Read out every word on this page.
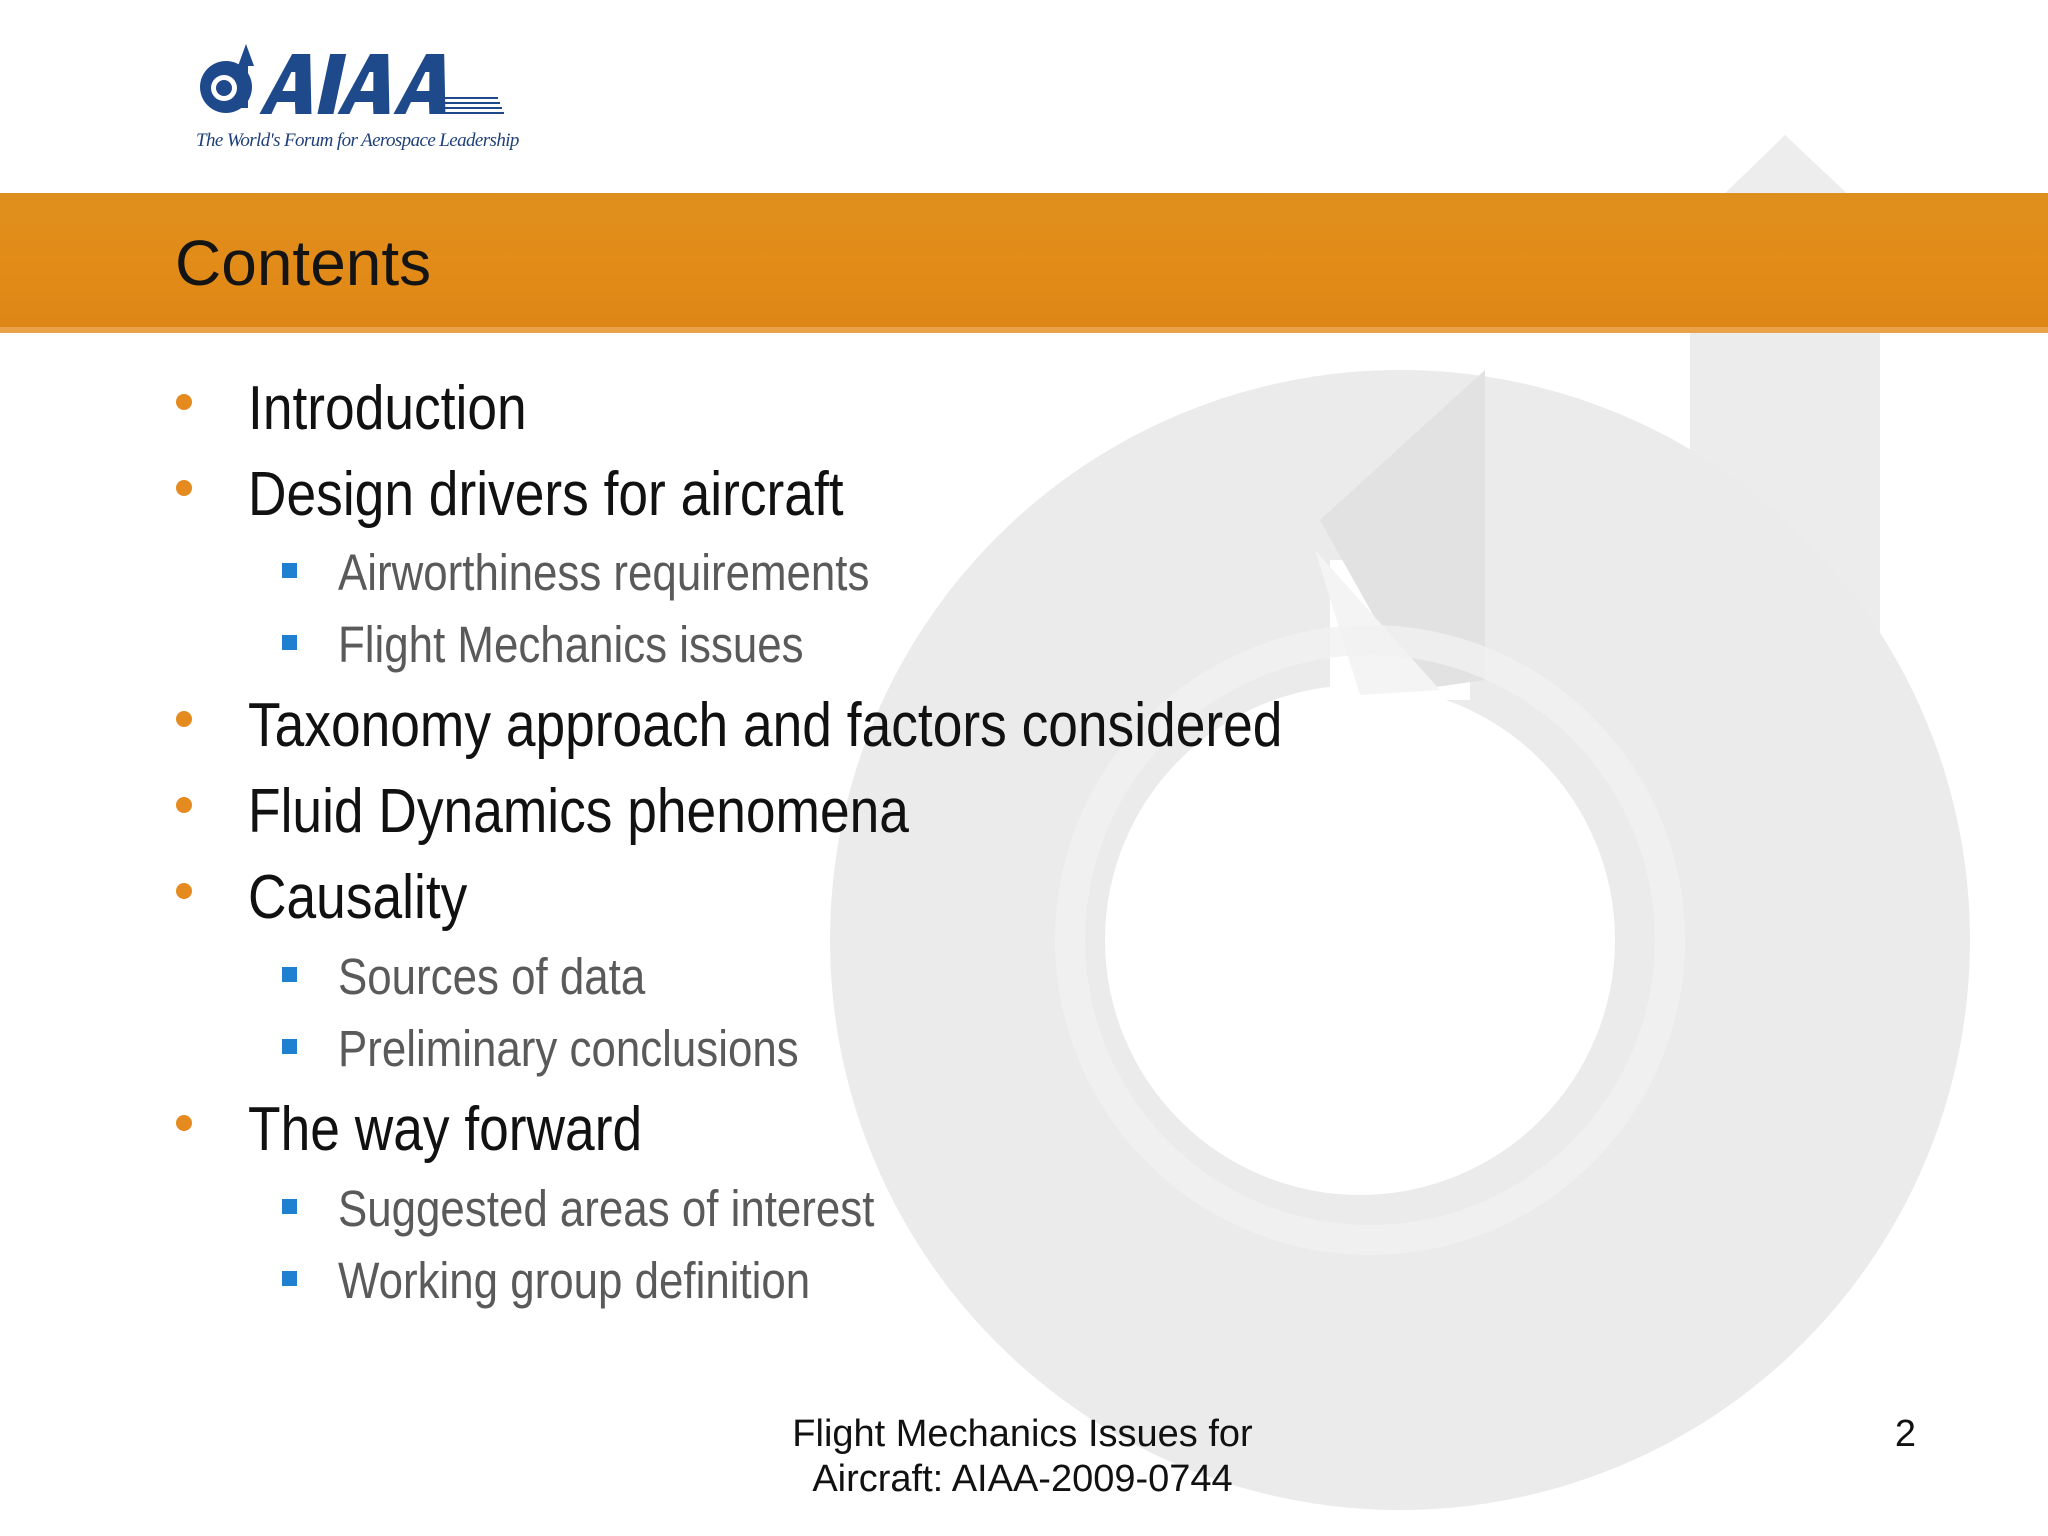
The World's Forum for Aerospace Leadership
Contents
Introduction
Design drivers for aircraft
Airworthiness requirements
Flight Mechanics issues
Taxonomy approach and factors considered
Fluid Dynamics phenomena
Causality
Sources of data
Preliminary conclusions
The way forward
Suggested areas of interest
Working group definition
Flight Mechanics Issues for
Aircraft: AIAA-2009-0744
2
